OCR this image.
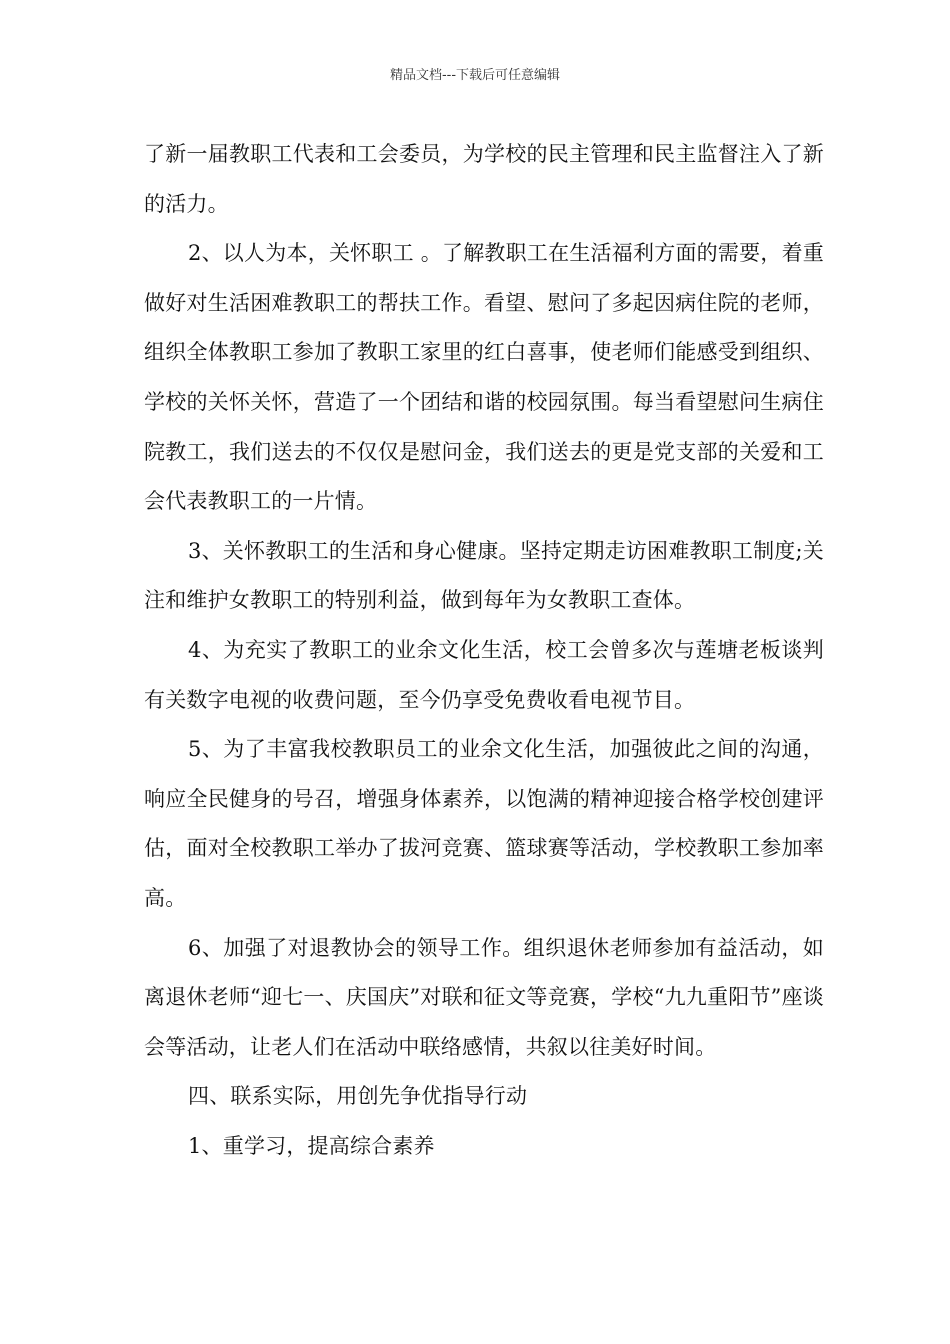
精品文档---下载后可任意编辑

了新一届教职工代表和工会委员，为学校的民主管理和民主监督注入了新的活力。

2、以人为本，关怀职工 。了解教职工在生活福利方面的需要，着重做好对生活困难教职工的帮扶工作。看望、慰问了多起因病住院的老师，组织全体教职工参加了教职工家里的红白喜事，使老师们能感受到组织、学校的关怀关怀，营造了一个团结和谐的校园氛围。每当看望慰问生病住院教工，我们送去的不仅仅是慰问金，我们送去的更是党支部的关爱和工会代表教职工的一片情。

3、关怀教职工的生活和身心健康。坚持定期走访困难教职工制度;关注和维护女教职工的特别利益，做到每年为女教职工查体。

4、为充实了教职工的业余文化生活，校工会曾多次与莲塘老板谈判有关数字电视的收费问题，至今仍享受免费收看电视节目。

5、为了丰富我校教职员工的业余文化生活，加强彼此之间的沟通，响应全民健身的号召，增强身体素养，以饱满的精神迎接合格学校创建评估，面对全校教职工举办了拔河竞赛、篮球赛等活动，学校教职工参加率高。

6、加强了对退教协会的领导工作。组织退休老师参加有益活动，如离退休老师“迎七一、庆国庆”对联和征文等竞赛，学校“九九重阳节”座谈会等活动，让老人们在活动中联络感情，共叙以往美好时间。

四、联系实际，用创先争优指导行动

1、重学习，提高综合素养
